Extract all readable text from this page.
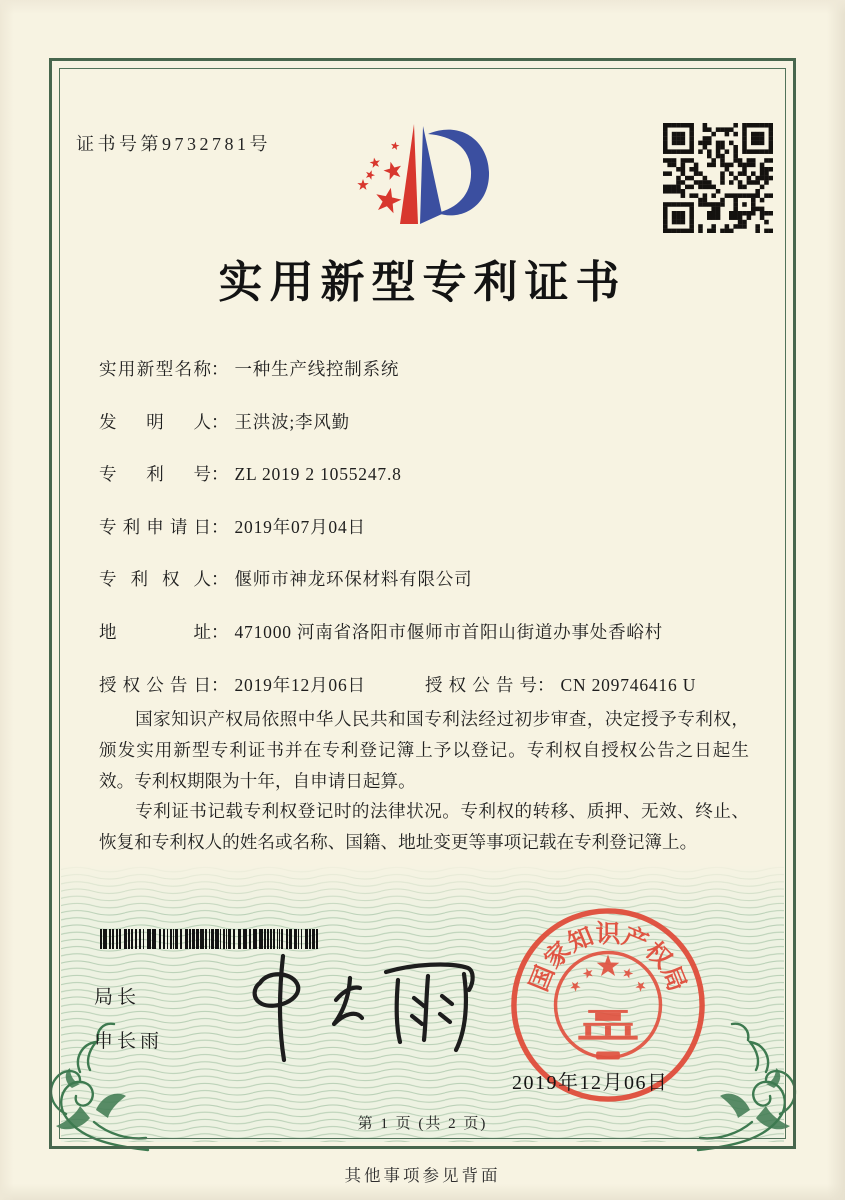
证书号第9732781号
实用新型专利证书
实用新型名称： 一种生产线控制系统
发明人： 王洪波;李风勤
专利号： ZL 2019 2 1055247.8
专利申请日： 2019年07月04日
专利权人： 偃师市神龙环保材料有限公司
地址： 471000 河南省洛阳市偃师市首阳山街道办事处香峪村
授权公告日： 2019年12月06日	授权公告号： CN 209746416 U

国家知识产权局依照中华人民共和国专利法经过初步审查，决定授予专利权，颁发实用新型专利证书并在专利登记簿上予以登记。专利权自授权公告之日起生效。专利权期限为十年，自申请日起算。

专利证书记载专利权登记时的法律状况。专利权的转移、质押、无效、终止、恢复和专利权人的姓名或名称、国籍、地址变更等事项记载在专利登记簿上。

局长
申长雨
国
家
知
识
产
权
局
2019年12月06日
第 1 页 (共 2 页)
其他事项参见背面
